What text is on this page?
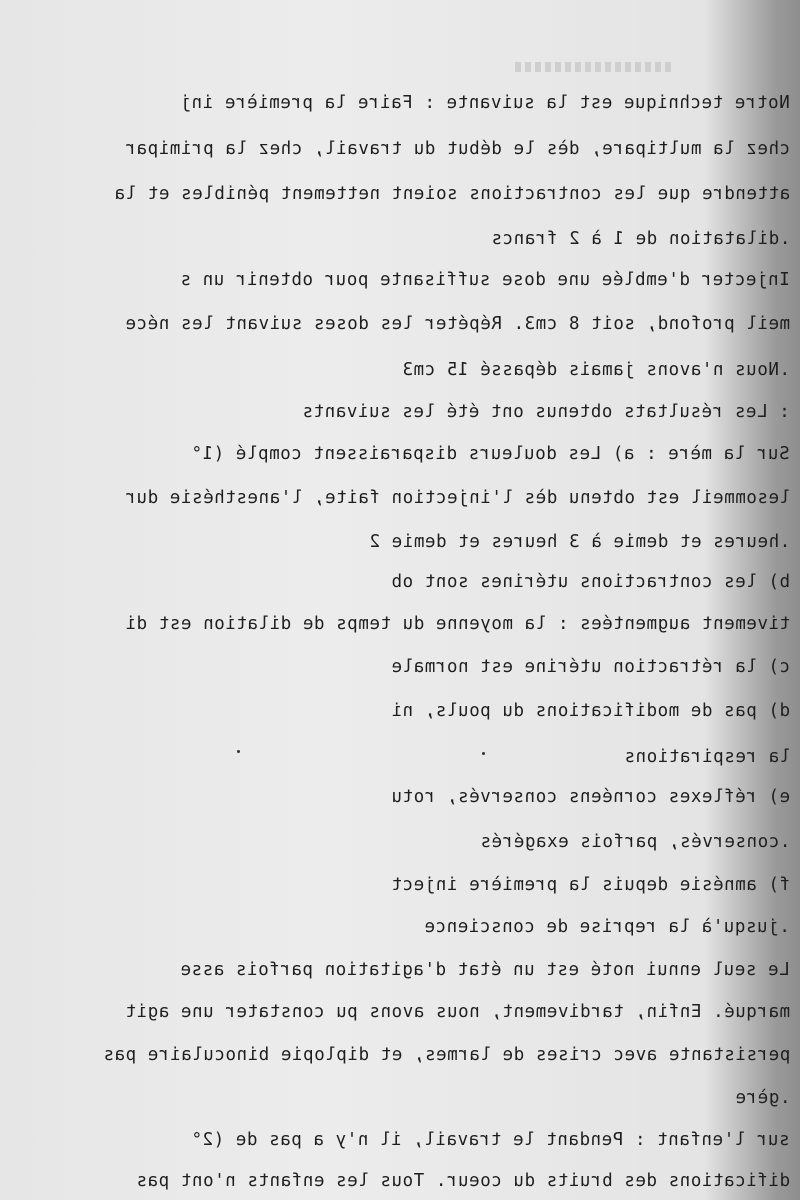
Notre technique est la suivante : Faire la première inj
chez la multipare, dès le début du travail, chez la primipar
attendre que les contractions soient nettement pénibles et la
dilatation de 1 à 2 francs.
Injecter d'emblée une dose suffisante pour obtenir un s
meil profond, soit 8 cm3. Répéter les doses suivant les néce
Nous n'avons jamais dépassé 15 cm3.
Les résultats obtenus ont été les suivants :
1°) Sur la mère : a) Les douleurs disparaissent complé
lesommeil est obtenu dès l'injection faite, l'anesthésie dur
2 heures et demie à 3 heures et demie.
b) les contractions utérines sont ob
tivement augmentées : la moyenne du temps de dilation est di
c) la rétraction utérine est normale
d) pas de modifications du pouls, ni
la respirations
e) réflexes cornéens conservés, rotu
conservés, parfois exagérés.
f) amnésie depuis la première inject
jusqu'à la reprise de conscience.
Le seul ennui noté est un état d'agitation parfois asse
marqué. Enfin, tardivement, nous avons pu constater une agit
persistante avec crises de larmes, et diplopie binoculaire pas
gère.
2°) sur l'enfant : Pendant le travail, il n'y a pas de
difications des bruits du coeur. Tous les enfants n'ont pas
